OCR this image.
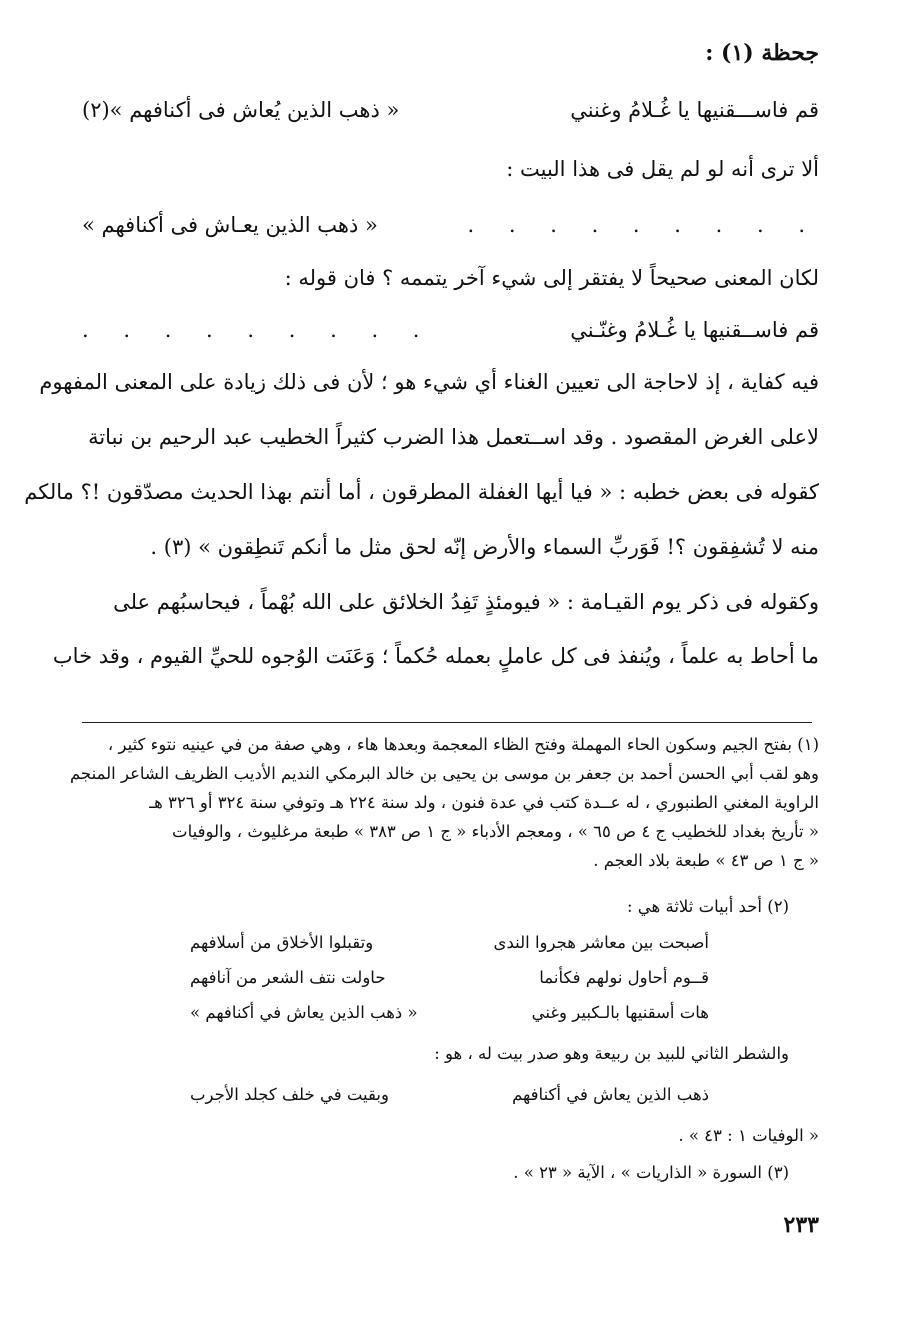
جحظة (١) :
قم فاســـقنيها يا غُـلامُ وغنني
« ذهب الذين يُعاش فى أكنافهم »(٢)
ألا ترى أنه لو لم يقل فى هذا البيت :
. . . . . . . . .
« ذهب الذين يعـاش فى أكنافهم »
لكان المعنى صحيحاً لا يفتقر إلى شيء آخر يتممه ؟ فان قوله :
قم فاســقنيها يا غُـلامُ وغنّـني
. . . . . . . . .
فيه كفاية ، إذ لاحاجة الى تعيين الغناء أي شيء هو ؛ لأن فى ذلك زيادة على المعنى المفهوم
لاعلى الغرض المقصود . وقد اســتعمل هذا الضرب كثيراً الخطيب عبد الرحيم بن نباتة
كقوله فى بعض خطبه : « فيا أيها الغفلة المطرقون ، أما أنتم بهذا الحديث مصدّقون !؟ مالكم
منه لا تُشفِقون ؟! فَوَربِّ السماء والأرض إنّه لحق مثل ما أنكم تَنطِقون » (٣) .
وكقوله فى ذكر يوم القيـامة : « فيومئذٍ تَفِدُ الخلائق على الله بُهْماً ، فيحاسبُهم على
ما أحاط به علماً ، ويُنفذ فى كل عاملٍ بعمله حُكماً ؛ وَعَنَت الوُجوه للحيِّ القيوم ، وقد خاب
(١) بفتح الجيم وسكون الحاء المهملة وفتح الظاء المعجمة وبعدها هاء ، وهي صفة من في عينيه نتوء كثير ،
وهو لقب أبي الحسن أحمد بن جعفر بن موسى بن يحيى بن خالد البرمكي النديم الأديب الظريف الشاعر المنجم
الراوية المغني الطنبوري ، له عــدة كتب في عدة فنون ، ولد سنة ٢٢٤ هـ وتوفي سنة ٣٢٤ أو ٣٢٦ هـ
« تأريخ بغداد للخطيب ج ٤ ص ٦٥ » ، ومعجم الأدباء « ج ١ ص ٣٨٣ » طبعة مرغليوث ، والوفيات
« ج ١ ص ٤٣ » طبعة بلاد العجم .
(٢) أحد أبيات ثلاثة هي :
أصبحت بين معاشر هجروا الندى
وتقبلوا الأخلاق من أسلافهم
قــوم أحاول نولهم فكأنما
حاولت نتف الشعر من آنافهم
هات أسقنيها بالـكبير وغني
« ذهب الذين يعاش في أكنافهم »
والشطر الثاني للبيد بن ربيعة وهو صدر بيت له ، هو :
ذهب الذين يعاش في أكنافهم
وبقيت في خلف كجلد الأجرب
« الوفيات ١ : ٤٣ » .
(٣) السورة « الذاريات » ، الآية « ٢٣ » .
٢٣٣
